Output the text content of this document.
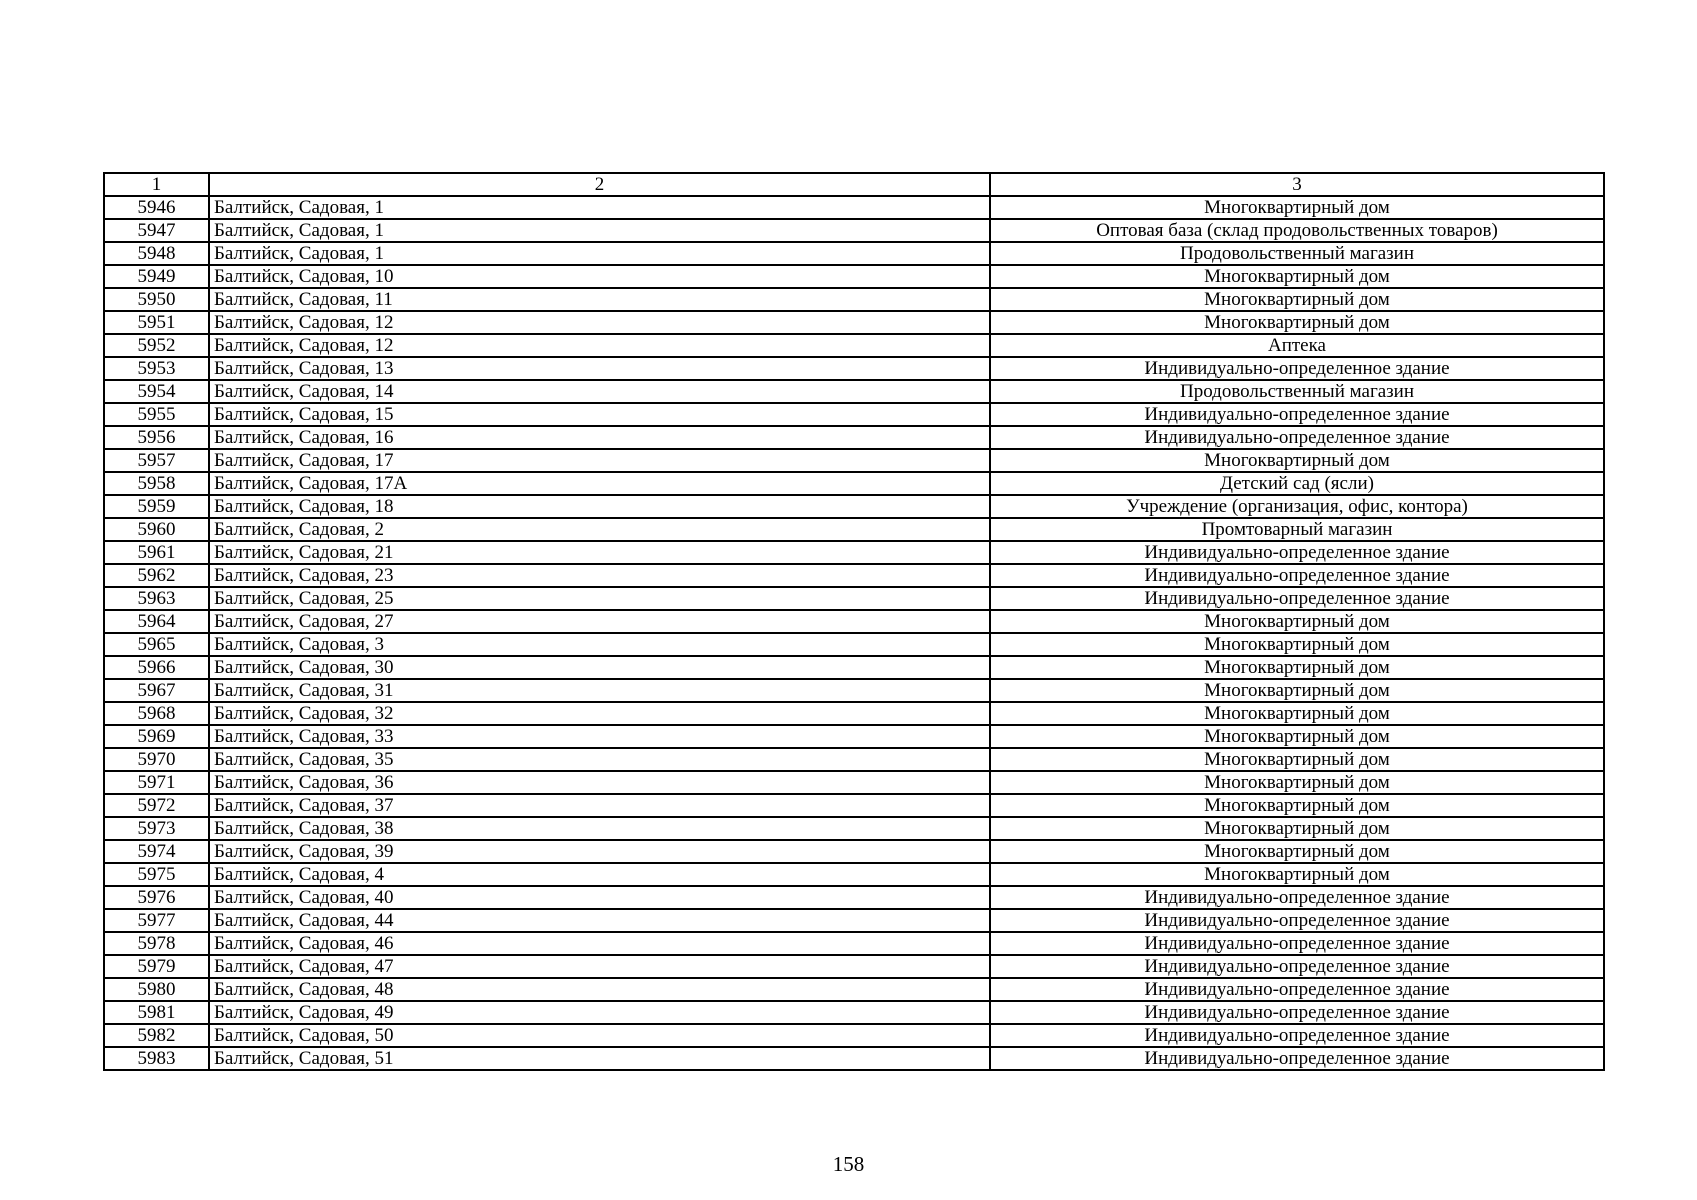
1	2	3
5946	Балтийск, Садовая, 1	Многоквартирный дом
5947	Балтийск, Садовая, 1	Оптовая база (склад продовольственных товаров)
5948	Балтийск, Садовая, 1	Продовольственный магазин
5949	Балтийск, Садовая, 10	Многоквартирный дом
5950	Балтийск, Садовая, 11	Многоквартирный дом
5951	Балтийск, Садовая, 12	Многоквартирный дом
5952	Балтийск, Садовая, 12	Аптека
5953	Балтийск, Садовая, 13	Индивидуально-определенное здание
5954	Балтийск, Садовая, 14	Продовольственный магазин
5955	Балтийск, Садовая, 15	Индивидуально-определенное здание
5956	Балтийск, Садовая, 16	Индивидуально-определенное здание
5957	Балтийск, Садовая, 17	Многоквартирный дом
5958	Балтийск, Садовая, 17А	Детский сад (ясли)
5959	Балтийск, Садовая, 18	Учреждение (организация, офис, контора)
5960	Балтийск, Садовая, 2	Промтоварный магазин
5961	Балтийск, Садовая, 21	Индивидуально-определенное здание
5962	Балтийск, Садовая, 23	Индивидуально-определенное здание
5963	Балтийск, Садовая, 25	Индивидуально-определенное здание
5964	Балтийск, Садовая, 27	Многоквартирный дом
5965	Балтийск, Садовая, 3	Многоквартирный дом
5966	Балтийск, Садовая, 30	Многоквартирный дом
5967	Балтийск, Садовая, 31	Многоквартирный дом
5968	Балтийск, Садовая, 32	Многоквартирный дом
5969	Балтийск, Садовая, 33	Многоквартирный дом
5970	Балтийск, Садовая, 35	Многоквартирный дом
5971	Балтийск, Садовая, 36	Многоквартирный дом
5972	Балтийск, Садовая, 37	Многоквартирный дом
5973	Балтийск, Садовая, 38	Многоквартирный дом
5974	Балтийск, Садовая, 39	Многоквартирный дом
5975	Балтийск, Садовая, 4	Многоквартирный дом
5976	Балтийск, Садовая, 40	Индивидуально-определенное здание
5977	Балтийск, Садовая, 44	Индивидуально-определенное здание
5978	Балтийск, Садовая, 46	Индивидуально-определенное здание
5979	Балтийск, Садовая, 47	Индивидуально-определенное здание
5980	Балтийск, Садовая, 48	Индивидуально-определенное здание
5981	Балтийск, Садовая, 49	Индивидуально-определенное здание
5982	Балтийск, Садовая, 50	Индивидуально-определенное здание
5983	Балтийск, Садовая, 51	Индивидуально-определенное здание
158
